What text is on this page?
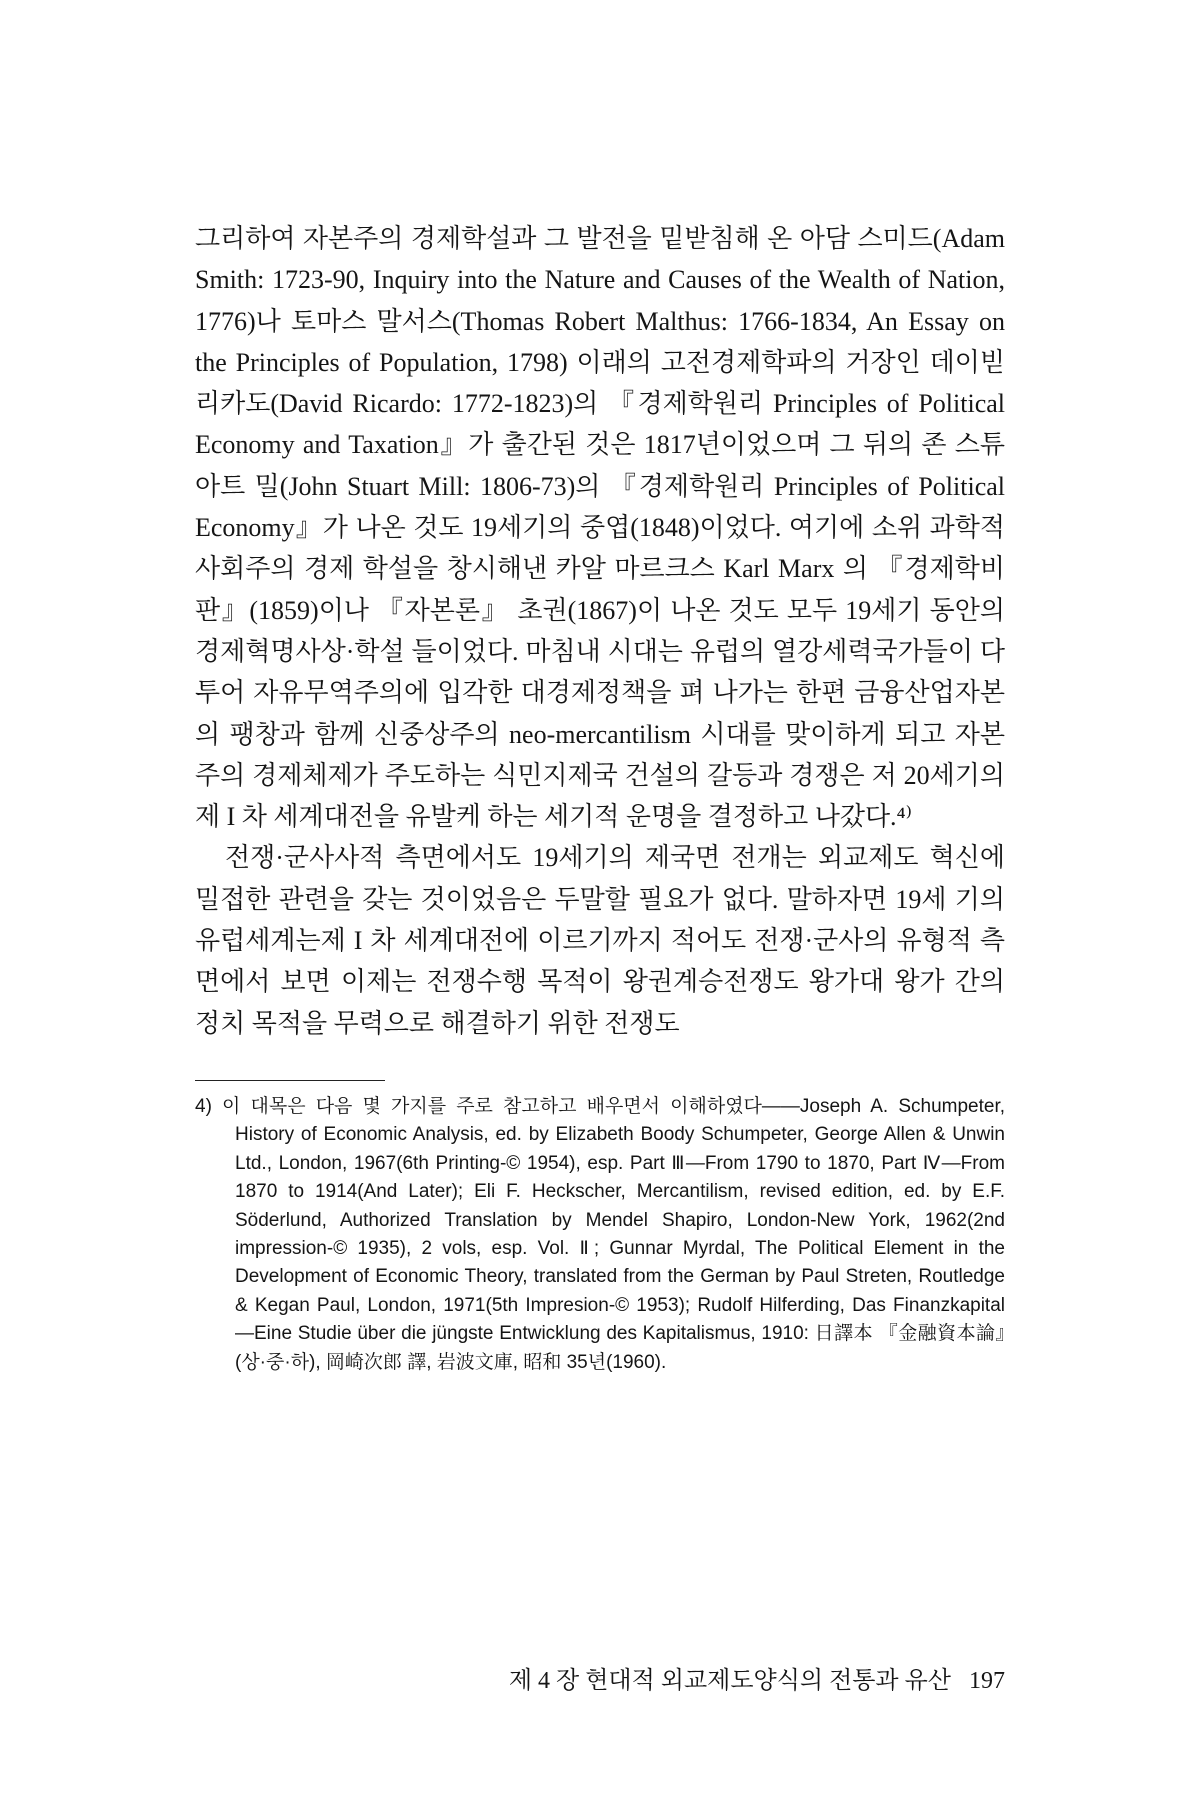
그리하여 자본주의 경제학설과 그 발전을 밑받침해 온 아담 스미드(Adam Smith: 1723-90, Inquiry into the Nature and Causes of the Wealth of Nation, 1776)나 토마스 말서스(Thomas Robert Malthus: 1766-1834, An Essay on the Principles of Population, 1798) 이래의 고전경제학파의 거장인 데이빋 리카도(David Ricardo: 1772-1823)의 『경제학원리 Principles of Political Economy and Taxation』가 출간된 것은 1817년이었으며 그 뒤의 존 스튜아트 밀(John Stuart Mill: 1806-73)의 『경제학원리 Principles of Political Economy』가 나온 것도 19세기의 중엽(1848)이었다. 여기에 소위 과학적 사회주의 경제 학설을 창시해낸 카알 마르크스 Karl Marx 의 『경제학비판』(1859)이나 『자본론』 초권(1867)이 나온 것도 모두 19세기 동안의 경제혁명사상·학설 들이었다. 마침내 시대는 유럽의 열강세력국가들이 다투어 자유무역주의에 입각한 대경제정책을 펴 나가는 한편 금융산업자본의 팽창과 함께 신중상주의 neo-mercantilism 시대를 맞이하게 되고 자본주의 경제체제가 주도하는 식민지제국 건설의 갈등과 경쟁은 저 20세기의 제 I 차 세계대전을 유발케 하는 세기적 운명을 결정하고 나갔다.⁴⁾

전쟁·군사사적 측면에서도 19세기의 제국면 전개는 외교제도 혁신에 밀접한 관련을 갖는 것이었음은 두말할 필요가 없다. 말하자면 19세 기의 유럽세계는제 I 차 세계대전에 이르기까지 적어도 전쟁·군사의 유형적 측면에서 보면 이제는 전쟁수행 목적이 왕권계승전쟁도 왕가대 왕가 간의 정치 목적을 무력으로 해결하기 위한 전쟁도

4) 이 대목은 다음 몇 가지를 주로 참고하고 배우면서 이해하였다——Joseph A. Schumpeter, History of Economic Analysis, ed. by Elizabeth Boody Schumpeter, George Allen & Unwin Ltd., London, 1967(6th Printing-© 1954), esp. Part Ⅲ—From 1790 to 1870, Part Ⅳ—From 1870 to 1914(And Later); Eli F. Heckscher, Mercantilism, revised edition, ed. by E.F. Söderlund, Authorized Translation by Mendel Shapiro, London-New York, 1962(2nd impression-© 1935), 2 vols, esp. Vol. Ⅱ; Gunnar Myrdal, The Political Element in the Development of Economic Theory, translated from the German by Paul Streten, Routledge & Kegan Paul, London, 1971(5th Impresion-© 1953); Rudolf Hilferding, Das Finanzkapital—Eine Studie über die jüngste Entwicklung des Kapitalismus, 1910: 日譯本 『金融資本論』(상·중·하), 岡崎次郎 譯, 岩波文庫, 昭和 35년(1960).

제 4 장 현대적 외교제도양식의 전통과 유산 197
